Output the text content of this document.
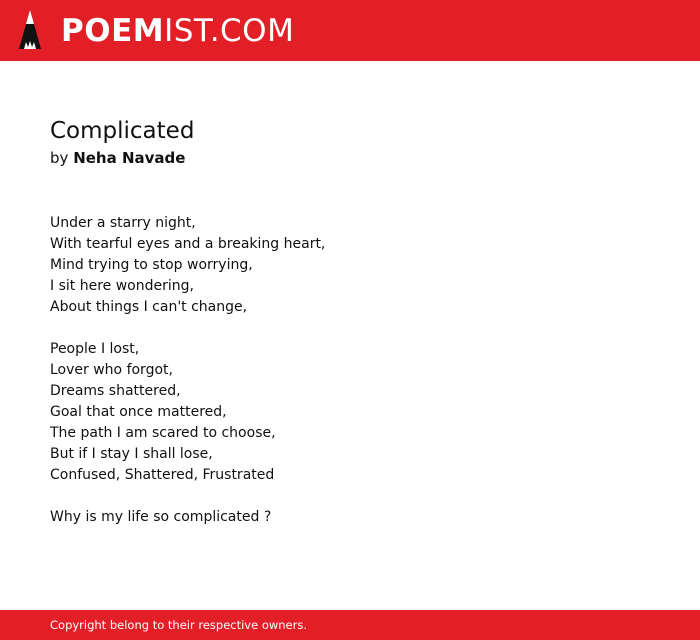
POEMIST.COM
Complicated
by Neha Navade
Under a starry night,
With tearful eyes and a breaking heart,
Mind trying to stop worrying,
I sit here wondering,
About things I can't change,
People I lost,
Lover who forgot,
Dreams shattered,
Goal that once mattered,
The path I am scared to choose,
But if I stay I shall lose,
Confused, Shattered, Frustrated
Why is my life so complicated ?
Copyright belong to their respective owners.
